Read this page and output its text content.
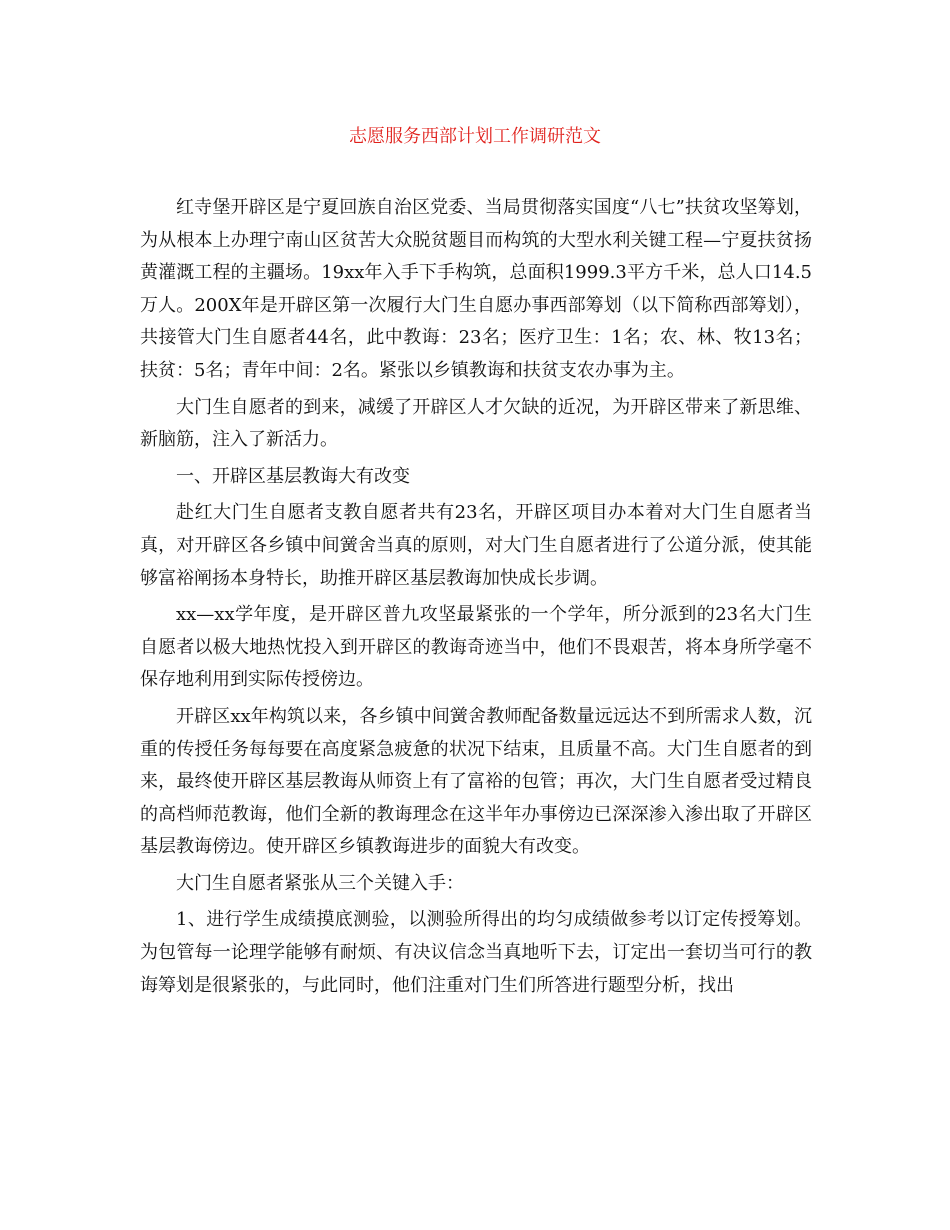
志愿服务西部计划工作调研范文

红寺堡开辟区是宁夏回族自治区党委、当局贯彻落实国度“八七”扶贫攻坚筹划，为从根本上办理宁南山区贫苦大众脱贫题目而构筑的大型水利关键工程—宁夏扶贫扬黄灌溉工程的主疆场。19xx年入手下手构筑，总面积1999.3平方千米，总人口14.5万人。200X年是开辟区第一次履行大门生自愿办事西部筹划（以下简称西部筹划），共接管大门生自愿者44名，此中教诲：23名；医疗卫生：1名；农、林、牧13名；扶贫：5名；青年中间：2名。紧张以乡镇教诲和扶贫支农办事为主。

大门生自愿者的到来，减缓了开辟区人才欠缺的近况，为开辟区带来了新思维、新脑筋，注入了新活力。

一、开辟区基层教诲大有改变

赴红大门生自愿者支教自愿者共有23名，开辟区项目办本着对大门生自愿者当真，对开辟区各乡镇中间黉舍当真的原则，对大门生自愿者进行了公道分派，使其能够富裕阐扬本身特长，助推开辟区基层教诲加快成长步调。

xx—xx学年度，是开辟区普九攻坚最紧张的一个学年，所分派到的23名大门生自愿者以极大地热忱投入到开辟区的教诲奇迹当中，他们不畏艰苦，将本身所学毫不保存地利用到实际传授傍边。

开辟区xx年构筑以来，各乡镇中间黉舍教师配备数量远远达不到所需求人数，沉重的传授任务每每要在高度紧急疲惫的状况下结束，且质量不高。大门生自愿者的到来，最终使开辟区基层教诲从师资上有了富裕的包管；再次，大门生自愿者受过精良的高档师范教诲，他们全新的教诲理念在这半年办事傍边已深深渗入渗出取了开辟区基层教诲傍边。使开辟区乡镇教诲进步的面貌大有改变。

大门生自愿者紧张从三个关键入手：

1、进行学生成绩摸底测验，以测验所得出的均匀成绩做参考以订定传授筹划。为包管每一论理学能够有耐烦、有决议信念当真地听下去，订定出一套切当可行的教诲筹划是很紧张的，与此同时，他们注重对门生们所答进行题型分析，找出
